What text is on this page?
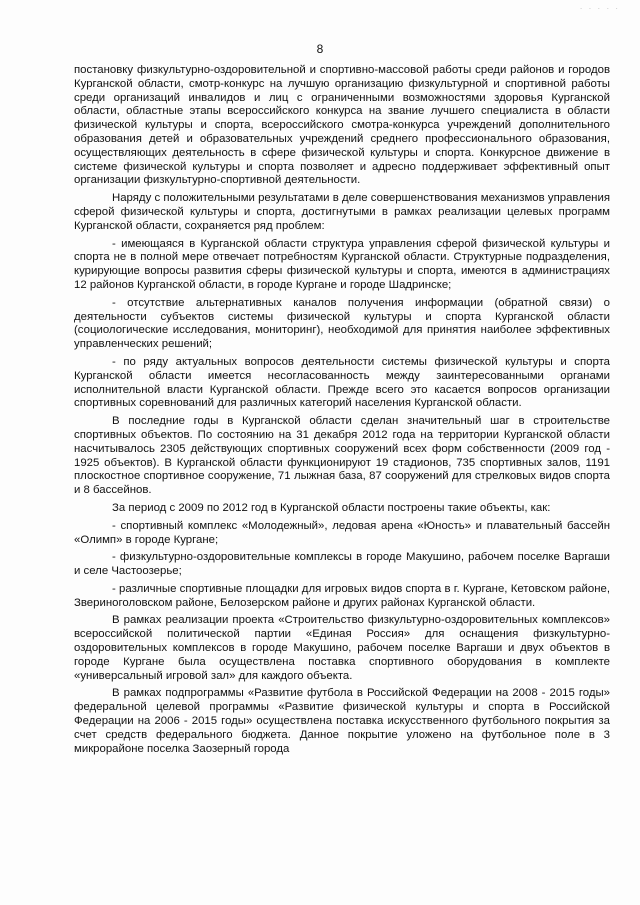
· · · · ·
8

постановку физкультурно-оздоровительной и спортивно-массовой работы среди районов и городов Курганской области, смотр-конкурс на лучшую организацию физкультурной и спортивной работы среди организаций инвалидов и лиц с ограниченными возможностями здоровья Курганской области, областные этапы всероссийского конкурса на звание лучшего специалиста в области физической культуры и спорта, всероссийского смотра-конкурса учреждений дополнительного образования детей и образовательных учреждений среднего профессионального образования, осуществляющих деятельность в сфере физической культуры и спорта. Конкурсное движение в системе физической культуры и спорта позволяет и адресно поддерживает эффективный опыт организации физкультурно-спортивной деятельности.

Наряду с положительными результатами в деле совершенствования механизмов управления сферой физической культуры и спорта, достигнутыми в рамках реализации целевых программ Курганской области, сохраняется ряд проблем:

- имеющаяся в Курганской области структура управления сферой физической культуры и спорта не в полной мере отвечает потребностям Курганской области. Структурные подразделения, курирующие вопросы развития сферы физической культуры и спорта, имеются в администрациях 12 районов Курганской области, в городе Кургане и городе Шадринске;

- отсутствие альтернативных каналов получения информации (обратной связи) о деятельности субъектов системы физической культуры и спорта Курганской области (социологические исследования, мониторинг), необходимой для принятия наиболее эффективных управленческих решений;

- по ряду актуальных вопросов деятельности системы физической культуры и спорта Курганской области имеется несогласованность между заинтересованными органами исполнительной власти Курганской области. Прежде всего это касается вопросов организации спортивных соревнований для различных категорий населения Курганской области.

В последние годы в Курганской области сделан значительный шаг в строительстве спортивных объектов. По состоянию на 31 декабря 2012 года на территории Курганской области насчитывалось 2305 действующих спортивных сооружений всех форм собственности (2009 год - 1925 объектов). В Курганской области функционируют 19 стадионов, 735 спортивных залов, 1191 плоскостное спортивное сооружение, 71 лыжная база, 87 сооружений для стрелковых видов спорта и 8 бассейнов.

За период с 2009 по 2012 год в Курганской области построены такие объекты, как:

- спортивный комплекс «Молодежный», ледовая арена «Юность» и плавательный бассейн «Олимп» в городе Кургане;

- физкультурно-оздоровительные комплексы в городе Макушино, рабочем поселке Варгаши и селе Частоозерье;

- различные спортивные площадки для игровых видов спорта в г. Кургане, Кетовском районе, Звериноголовском районе, Белозерском районе и других районах Курганской области.

В рамках реализации проекта «Строительство физкультурно-оздоровительных комплексов» всероссийской политической партии «Единая Россия» для оснащения физкультурно-оздоровительных комплексов в городе Макушино, рабочем поселке Варгаши и двух объектов в городе Кургане была осуществлена поставка спортивного оборудования в комплекте «универсальный игровой зал» для каждого объекта.

В рамках подпрограммы «Развитие футбола в Российской Федерации на 2008 - 2015 годы» федеральной целевой программы «Развитие физической культуры и спорта в Российской Федерации на 2006 - 2015 годы» осуществлена поставка искусственного футбольного покрытия за счет средств федерального бюджета. Данное покрытие уложено на футбольное поле в 3 микрорайоне поселка Заозерный города
